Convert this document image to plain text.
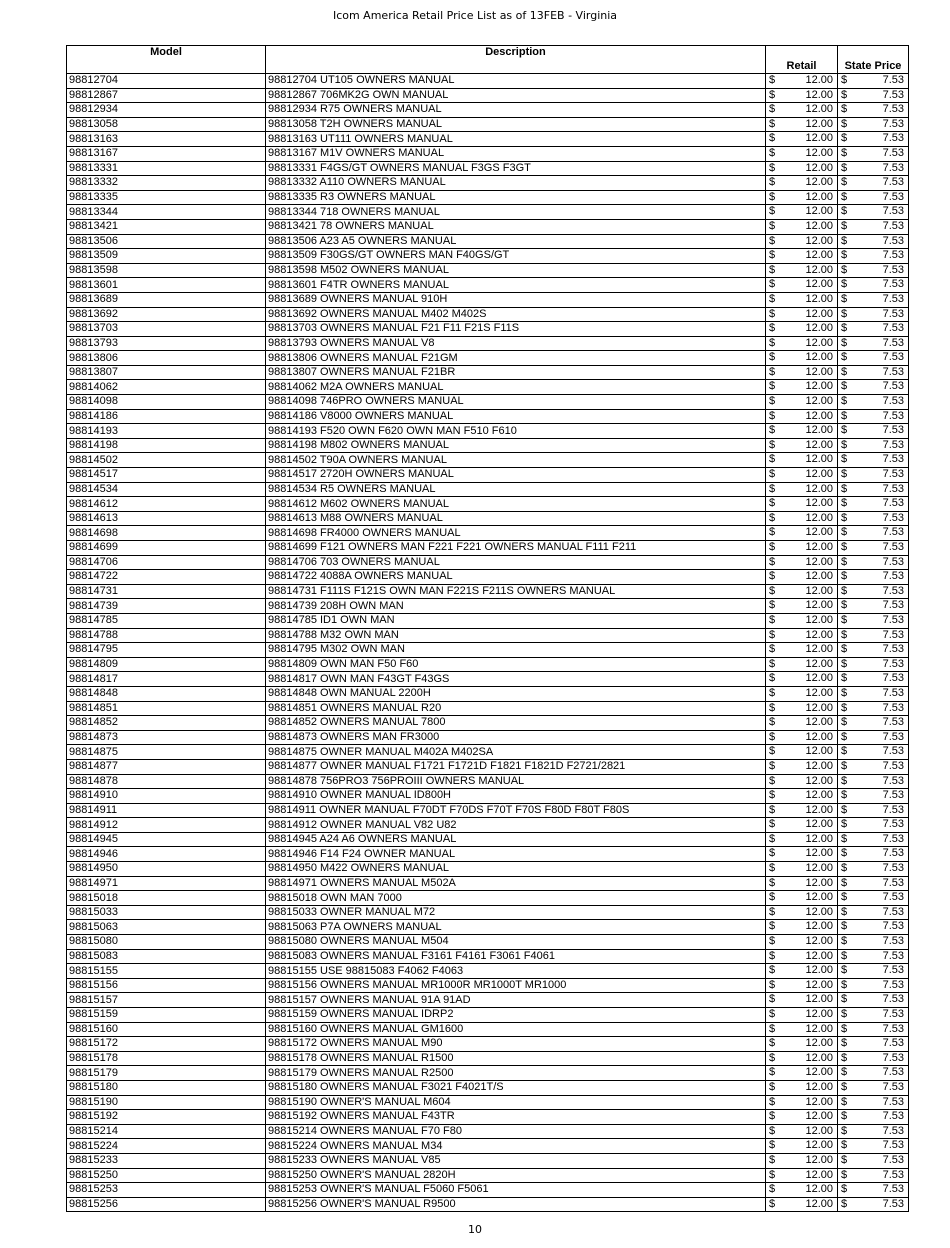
Icom America Retail Price List as of 13FEB - Virginia
Model	Description	Retail	State Price
98812704	98812704 UT105 OWNERS MANUAL	$ 12.00	$ 7.53

98812867	98812867 706MK2G OWN MANUAL	$ 12.00	$ 7.53

98812934	98812934 R75 OWNERS MANUAL	$ 12.00	$ 7.53

98813058	98813058 T2H OWNERS MANUAL	$ 12.00	$ 7.53

98813163	98813163 UT111 OWNERS MANUAL	$ 12.00	$ 7.53

98813167	98813167 M1V OWNERS MANUAL	$ 12.00	$ 7.53

98813331	98813331 F4GS/GT OWNERS MANUAL F3GS F3GT	$ 12.00	$ 7.53

98813332	98813332 A110 OWNERS MANUAL	$ 12.00	$ 7.53

98813335	98813335 R3 OWNERS MANUAL	$ 12.00	$ 7.53

98813344	98813344 718 OWNERS MANUAL	$ 12.00	$ 7.53

98813421	98813421 78 OWNERS MANUAL	$ 12.00	$ 7.53

98813506	98813506 A23 A5 OWNERS MANUAL	$ 12.00	$ 7.53

98813509	98813509 F30GS/GT OWNERS MAN F40GS/GT	$ 12.00	$ 7.53

98813598	98813598 M502 OWNERS MANUAL	$ 12.00	$ 7.53

98813601	98813601 F4TR OWNERS MANUAL	$ 12.00	$ 7.53

98813689	98813689 OWNERS MANUAL 910H	$ 12.00	$ 7.53

98813692	98813692 OWNERS MANUAL M402 M402S	$ 12.00	$ 7.53

98813703	98813703 OWNERS MANUAL F21 F11 F21S F11S	$ 12.00	$ 7.53

98813793	98813793 OWNERS MANUAL V8	$ 12.00	$ 7.53

98813806	98813806 OWNERS MANUAL F21GM	$ 12.00	$ 7.53

98813807	98813807 OWNERS MANUAL F21BR	$ 12.00	$ 7.53

98814062	98814062 M2A OWNERS MANUAL	$ 12.00	$ 7.53

98814098	98814098 746PRO OWNERS MANUAL	$ 12.00	$ 7.53

98814186	98814186 V8000 OWNERS MANUAL	$ 12.00	$ 7.53

98814193	98814193 F520 OWN F620 OWN MAN F510 F610	$ 12.00	$ 7.53

98814198	98814198 M802 OWNERS MANUAL	$ 12.00	$ 7.53

98814502	98814502 T90A OWNERS MANUAL	$ 12.00	$ 7.53

98814517	98814517 2720H OWNERS MANUAL	$ 12.00	$ 7.53

98814534	98814534 R5 OWNERS MANUAL	$ 12.00	$ 7.53

98814612	98814612 M602 OWNERS MANUAL	$ 12.00	$ 7.53

98814613	98814613 M88 OWNERS MANUAL	$ 12.00	$ 7.53

98814698	98814698 FR4000 OWNERS MANUAL	$ 12.00	$ 7.53

98814699	98814699 F121 OWNERS MAN F221 F221 OWNERS MANUAL F111 F211	$ 12.00	$ 7.53

98814706	98814706 703 OWNERS MANUAL	$ 12.00	$ 7.53

98814722	98814722 4088A OWNERS MANUAL	$ 12.00	$ 7.53

98814731	98814731 F111S F121S OWN MAN F221S F211S OWNERS MANUAL	$ 12.00	$ 7.53

98814739	98814739 208H OWN MAN	$ 12.00	$ 7.53

98814785	98814785 ID1 OWN MAN	$ 12.00	$ 7.53

98814788	98814788 M32 OWN MAN	$ 12.00	$ 7.53

98814795	98814795 M302 OWN MAN	$ 12.00	$ 7.53

98814809	98814809 OWN MAN F50 F60	$ 12.00	$ 7.53

98814817	98814817 OWN MAN F43GT F43GS	$ 12.00	$ 7.53

98814848	98814848 OWN MANUAL 2200H	$ 12.00	$ 7.53

98814851	98814851 OWNERS MANUAL R20	$ 12.00	$ 7.53

98814852	98814852 OWNERS MANUAL 7800	$ 12.00	$ 7.53

98814873	98814873 OWNERS MAN FR3000	$ 12.00	$ 7.53

98814875	98814875 OWNER MANUAL M402A M402SA	$ 12.00	$ 7.53

98814877	98814877 OWNER MANUAL F1721 F1721D F1821 F1821D F2721/2821	$ 12.00	$ 7.53

98814878	98814878 756PRO3 756PROIII OWNERS MANUAL	$ 12.00	$ 7.53

98814910	98814910 OWNER MANUAL ID800H	$ 12.00	$ 7.53

98814911	98814911 OWNER MANUAL F70DT F70DS F70T F70S F80D F80T F80S	$ 12.00	$ 7.53

98814912	98814912 OWNER MANUAL V82 U82	$ 12.00	$ 7.53

98814945	98814945 A24 A6 OWNERS MANUAL	$ 12.00	$ 7.53

98814946	98814946 F14 F24 OWNER MANUAL	$ 12.00	$ 7.53

98814950	98814950 M422 OWNERS MANUAL	$ 12.00	$ 7.53

98814971	98814971 OWNERS MANUAL M502A	$ 12.00	$ 7.53

98815018	98815018 OWN MAN 7000	$ 12.00	$ 7.53

98815033	98815033 OWNER MANUAL M72	$ 12.00	$ 7.53

98815063	98815063 P7A OWNERS MANUAL	$ 12.00	$ 7.53

98815080	98815080 OWNERS MANUAL M504	$ 12.00	$ 7.53

98815083	98815083 OWNERS MANUAL F3161 F4161 F3061 F4061	$ 12.00	$ 7.53

98815155	98815155 USE 98815083 F4062 F4063	$ 12.00	$ 7.53

98815156	98815156 OWNERS MANUAL MR1000R MR1000T MR1000	$ 12.00	$ 7.53

98815157	98815157 OWNERS MANUAL 91A 91AD	$ 12.00	$ 7.53

98815159	98815159 OWNERS MANUAL IDRP2	$ 12.00	$ 7.53

98815160	98815160 OWNERS MANUAL GM1600	$ 12.00	$ 7.53

98815172	98815172 OWNERS MANUAL M90	$ 12.00	$ 7.53

98815178	98815178 OWNERS MANUAL R1500	$ 12.00	$ 7.53

98815179	98815179 OWNERS MANUAL R2500	$ 12.00	$ 7.53

98815180	98815180 OWNERS MANUAL F3021 F4021T/S	$ 12.00	$ 7.53

98815190	98815190 OWNER'S MANUAL M604	$ 12.00	$ 7.53

98815192	98815192 OWNERS MANUAL F43TR	$ 12.00	$ 7.53

98815214	98815214 OWNERS MANUAL F70 F80	$ 12.00	$ 7.53

98815224	98815224 OWNERS MANUAL M34	$ 12.00	$ 7.53

98815233	98815233 OWNERS MANUAL V85	$ 12.00	$ 7.53

98815250	98815250 OWNER'S MANUAL 2820H	$ 12.00	$ 7.53

98815253	98815253 OWNER'S MANUAL F5060 F5061	$ 12.00	$ 7.53

98815256	98815256 OWNER'S MANUAL R9500	$ 12.00	$ 7.53
10
